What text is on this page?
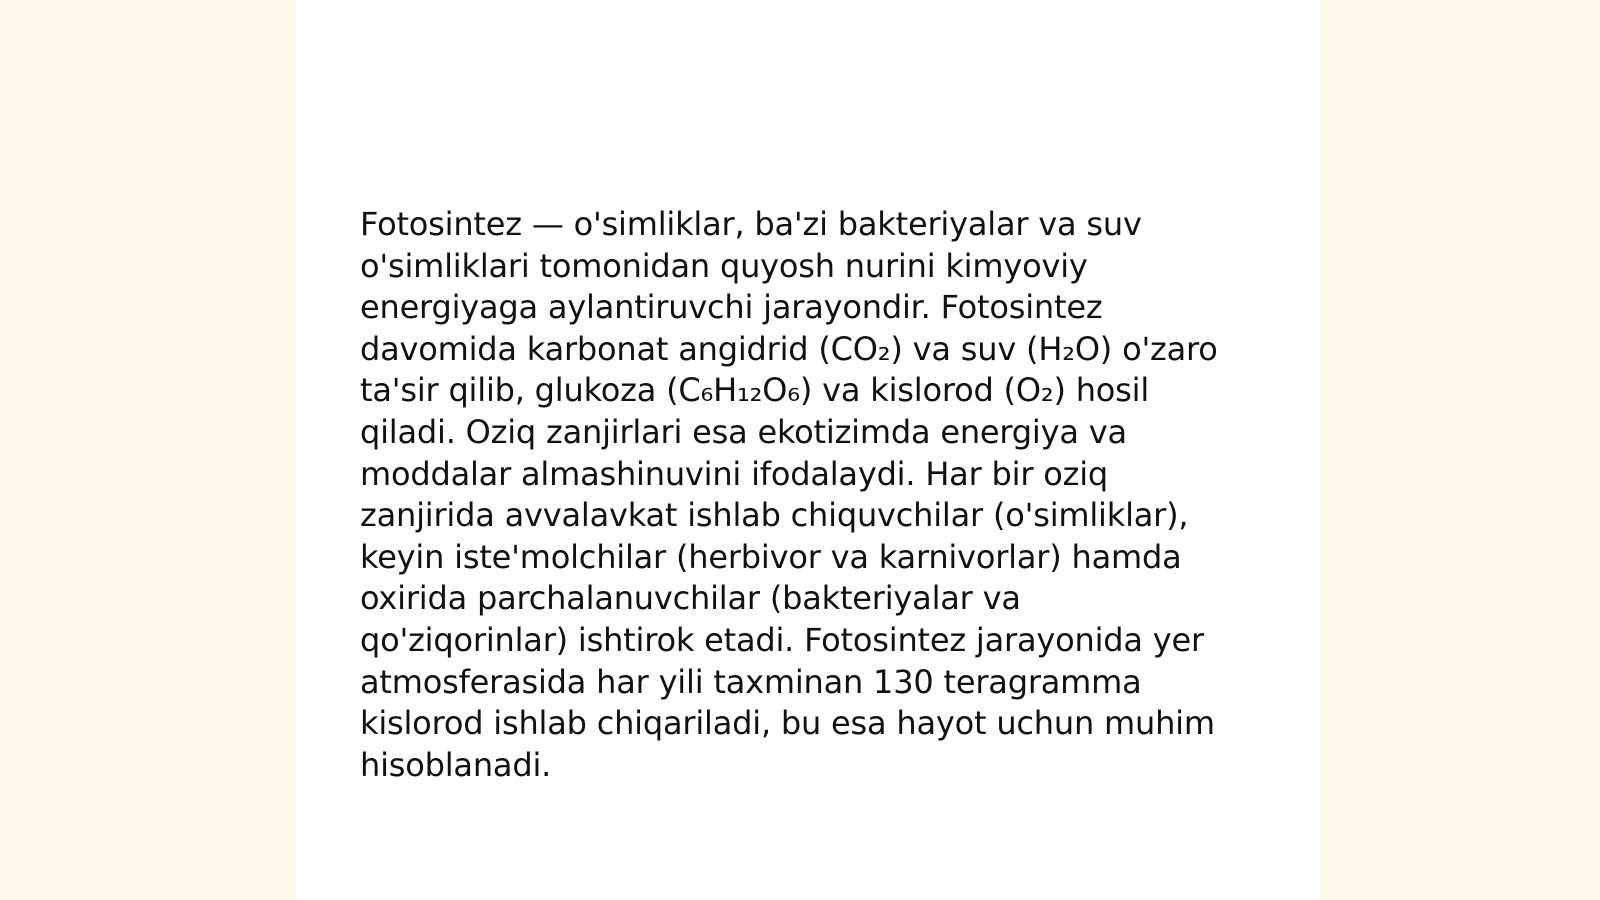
Fotosintez — o'simliklar, ba'zi bakteriyalar va suv
o'simliklari tomonidan quyosh nurini kimyoviy
energiyaga aylantiruvchi jarayondir. Fotosintez
davomida karbonat angidrid (CO₂) va suv (H₂O) o'zaro
ta'sir qilib, glukoza (C₆H₁₂O₆) va kislorod (O₂) hosil
qiladi. Oziq zanjirlari esa ekotizimda energiya va
moddalar almashinuvini ifodalaydi. Har bir oziq
zanjirida avvalavkat ishlab chiquvchilar (o'simliklar),
keyin iste'molchilar (herbivor va karnivorlar) hamda
oxirida parchalanuvchilar (bakteriyalar va
qo'ziqorinlar) ishtirok etadi. Fotosintez jarayonida yer
atmosferasida har yili taxminan 130 teragramma
kislorod ishlab chiqariladi, bu esa hayot uchun muhim
hisoblanadi.
